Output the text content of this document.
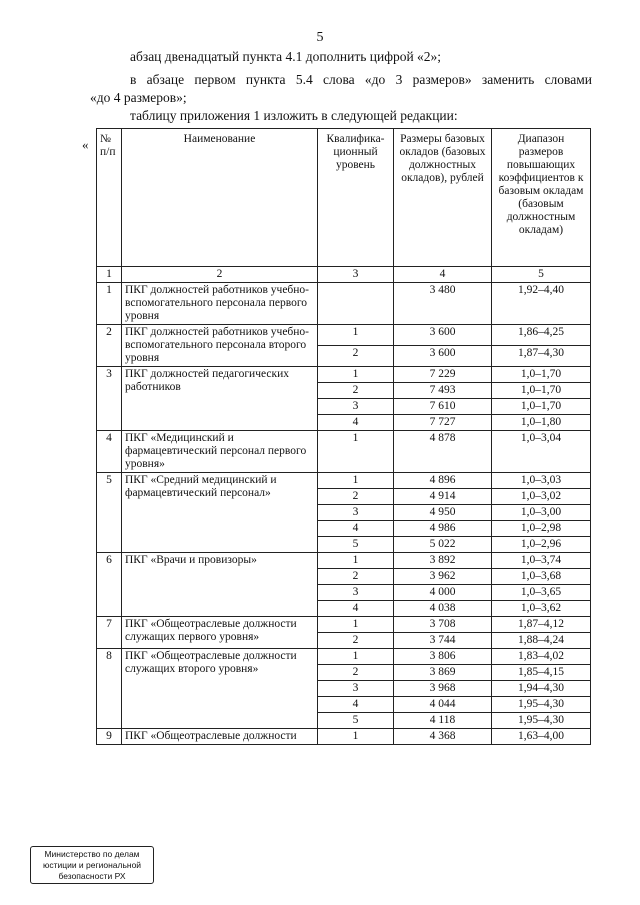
5
абзац двенадцатый пункта 4.1 дополнить цифрой «2»;
в абзаце первом пункта 5.4 слова «до 3 размеров» заменить словами
«до 4 размеров»;
таблицу приложения 1 изложить в следующей редакции:
« № п/п	Наименование	Квалифика-ционный уровень	Размеры базовых окладов (базовых должностных окладов), рублей	Диапазон размеров повышающих коэффициентов к базовым окладам (базовым должностным окладам)
1	2	3	4	5
1	ПКГ должностей работников учебно-вспомогательного персонала первого уровня		3 480	1,92–4,40
2	ПКГ должностей работников учебно-вспомогательного персонала второго уровня	1	3 600	1,86–4,25
		2	3 600	1,87–4,30
3	ПКГ должностей педагогических работников	1	7 229	1,0–1,70
		2	7 493	1,0–1,70
		3	7 610	1,0–1,70
		4	7 727	1,0–1,80
4	ПКГ «Медицинский и фармацевтический персонал первого уровня»	1	4 878	1,0–3,04
5	ПКГ «Средний медицинский и фармацевтический персонал»	1	4 896	1,0–3,03
		2	4 914	1,0–3,02
		3	4 950	1,0–3,00
		4	4 986	1,0–2,98
		5	5 022	1,0–2,96
6	ПКГ «Врачи и провизоры»	1	3 892	1,0–3,74
		2	3 962	1,0–3,68
		3	4 000	1,0–3,65
		4	4 038	1,0–3,62
7	ПКГ «Общеотраслевые должности служащих первого уровня»	1	3 708	1,87–4,12
		2	3 744	1,88–4,24
8	ПКГ «Общеотраслевые должности служащих второго уровня»	1	3 806	1,83–4,02
		2	3 869	1,85–4,15
		3	3 968	1,94–4,30
		4	4 044	1,95–4,30
		5	4 118	1,95–4,30
9	ПКГ «Общеотраслевые должности	1	4 368	1,63–4,00
Министерство по делам
юстиции и региональной
безопасности РХ
